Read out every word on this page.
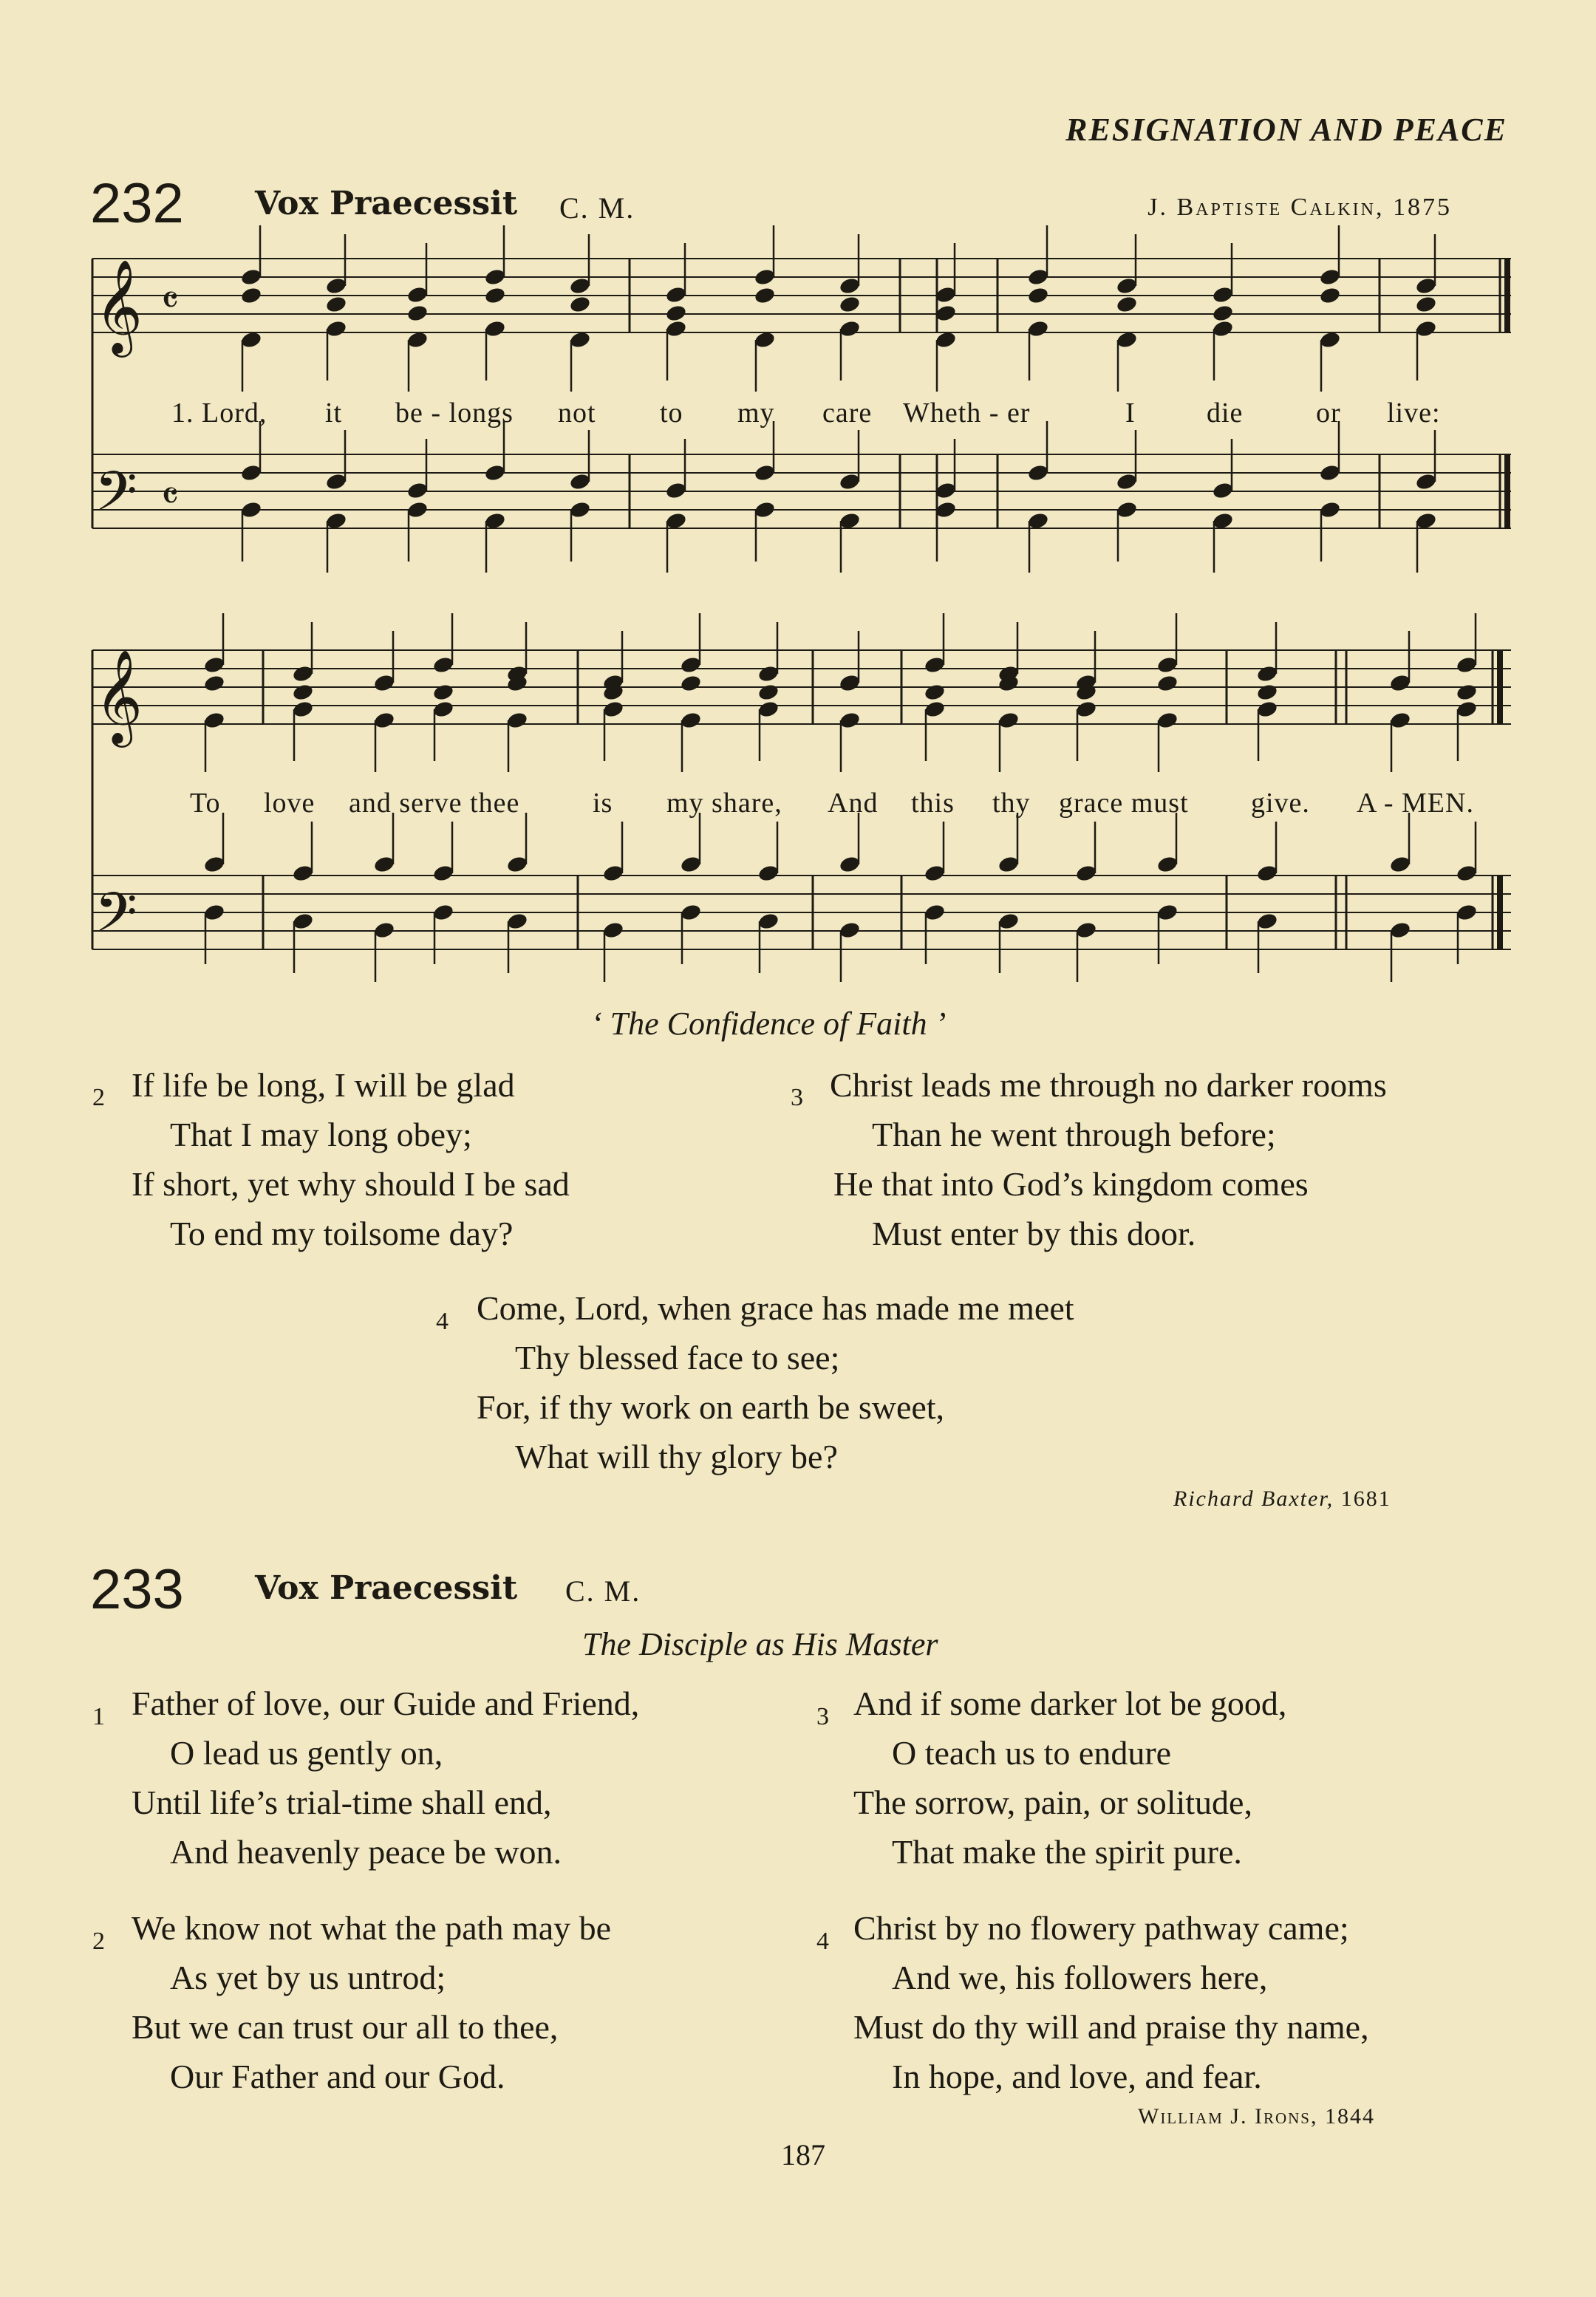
RESIGNATION AND PEACE
232 Vox Praecessit C. M.	J. Baptiste Calkin, 1875
𝄞
𝄢
𝄞
𝄢
𝄴
𝄴
1. Lord, it be - longs not to my care Wheth - er	I	die	or live:
To love and serve thee	is my share, And this thy grace must give. A - MEN.
‘ The Confidence of Faith ’
2 If life be long, I will be glad
That I may long obey;
If short, yet why should I be sad
To end my toilsome day?
3 Christ leads me through no darker rooms
Than he went through before;
He that into God’s kingdom comes
Must enter by this door.
4 Come, Lord, when grace has made me meet
Thy blessed face to see;
For, if thy work on earth be sweet,
What will thy glory be?
Richard Baxter, 1681
233 Vox Praecessit C. M.
The Disciple as His Master
1 Father of love, our Guide and Friend,
O lead us gently on,
Until life’s trial-time shall end,
And heavenly peace be won.
3 And if some darker lot be good,
O teach us to endure
The sorrow, pain, or solitude,
That make the spirit pure.
2 We know not what the path may be
As yet by us untrod;
But we can trust our all to thee,
Our Father and our God.
4 Christ by no flowery pathway came;
And we, his followers here,
Must do thy will and praise thy name,
In hope, and love, and fear.
William J. Irons, 1844
187
